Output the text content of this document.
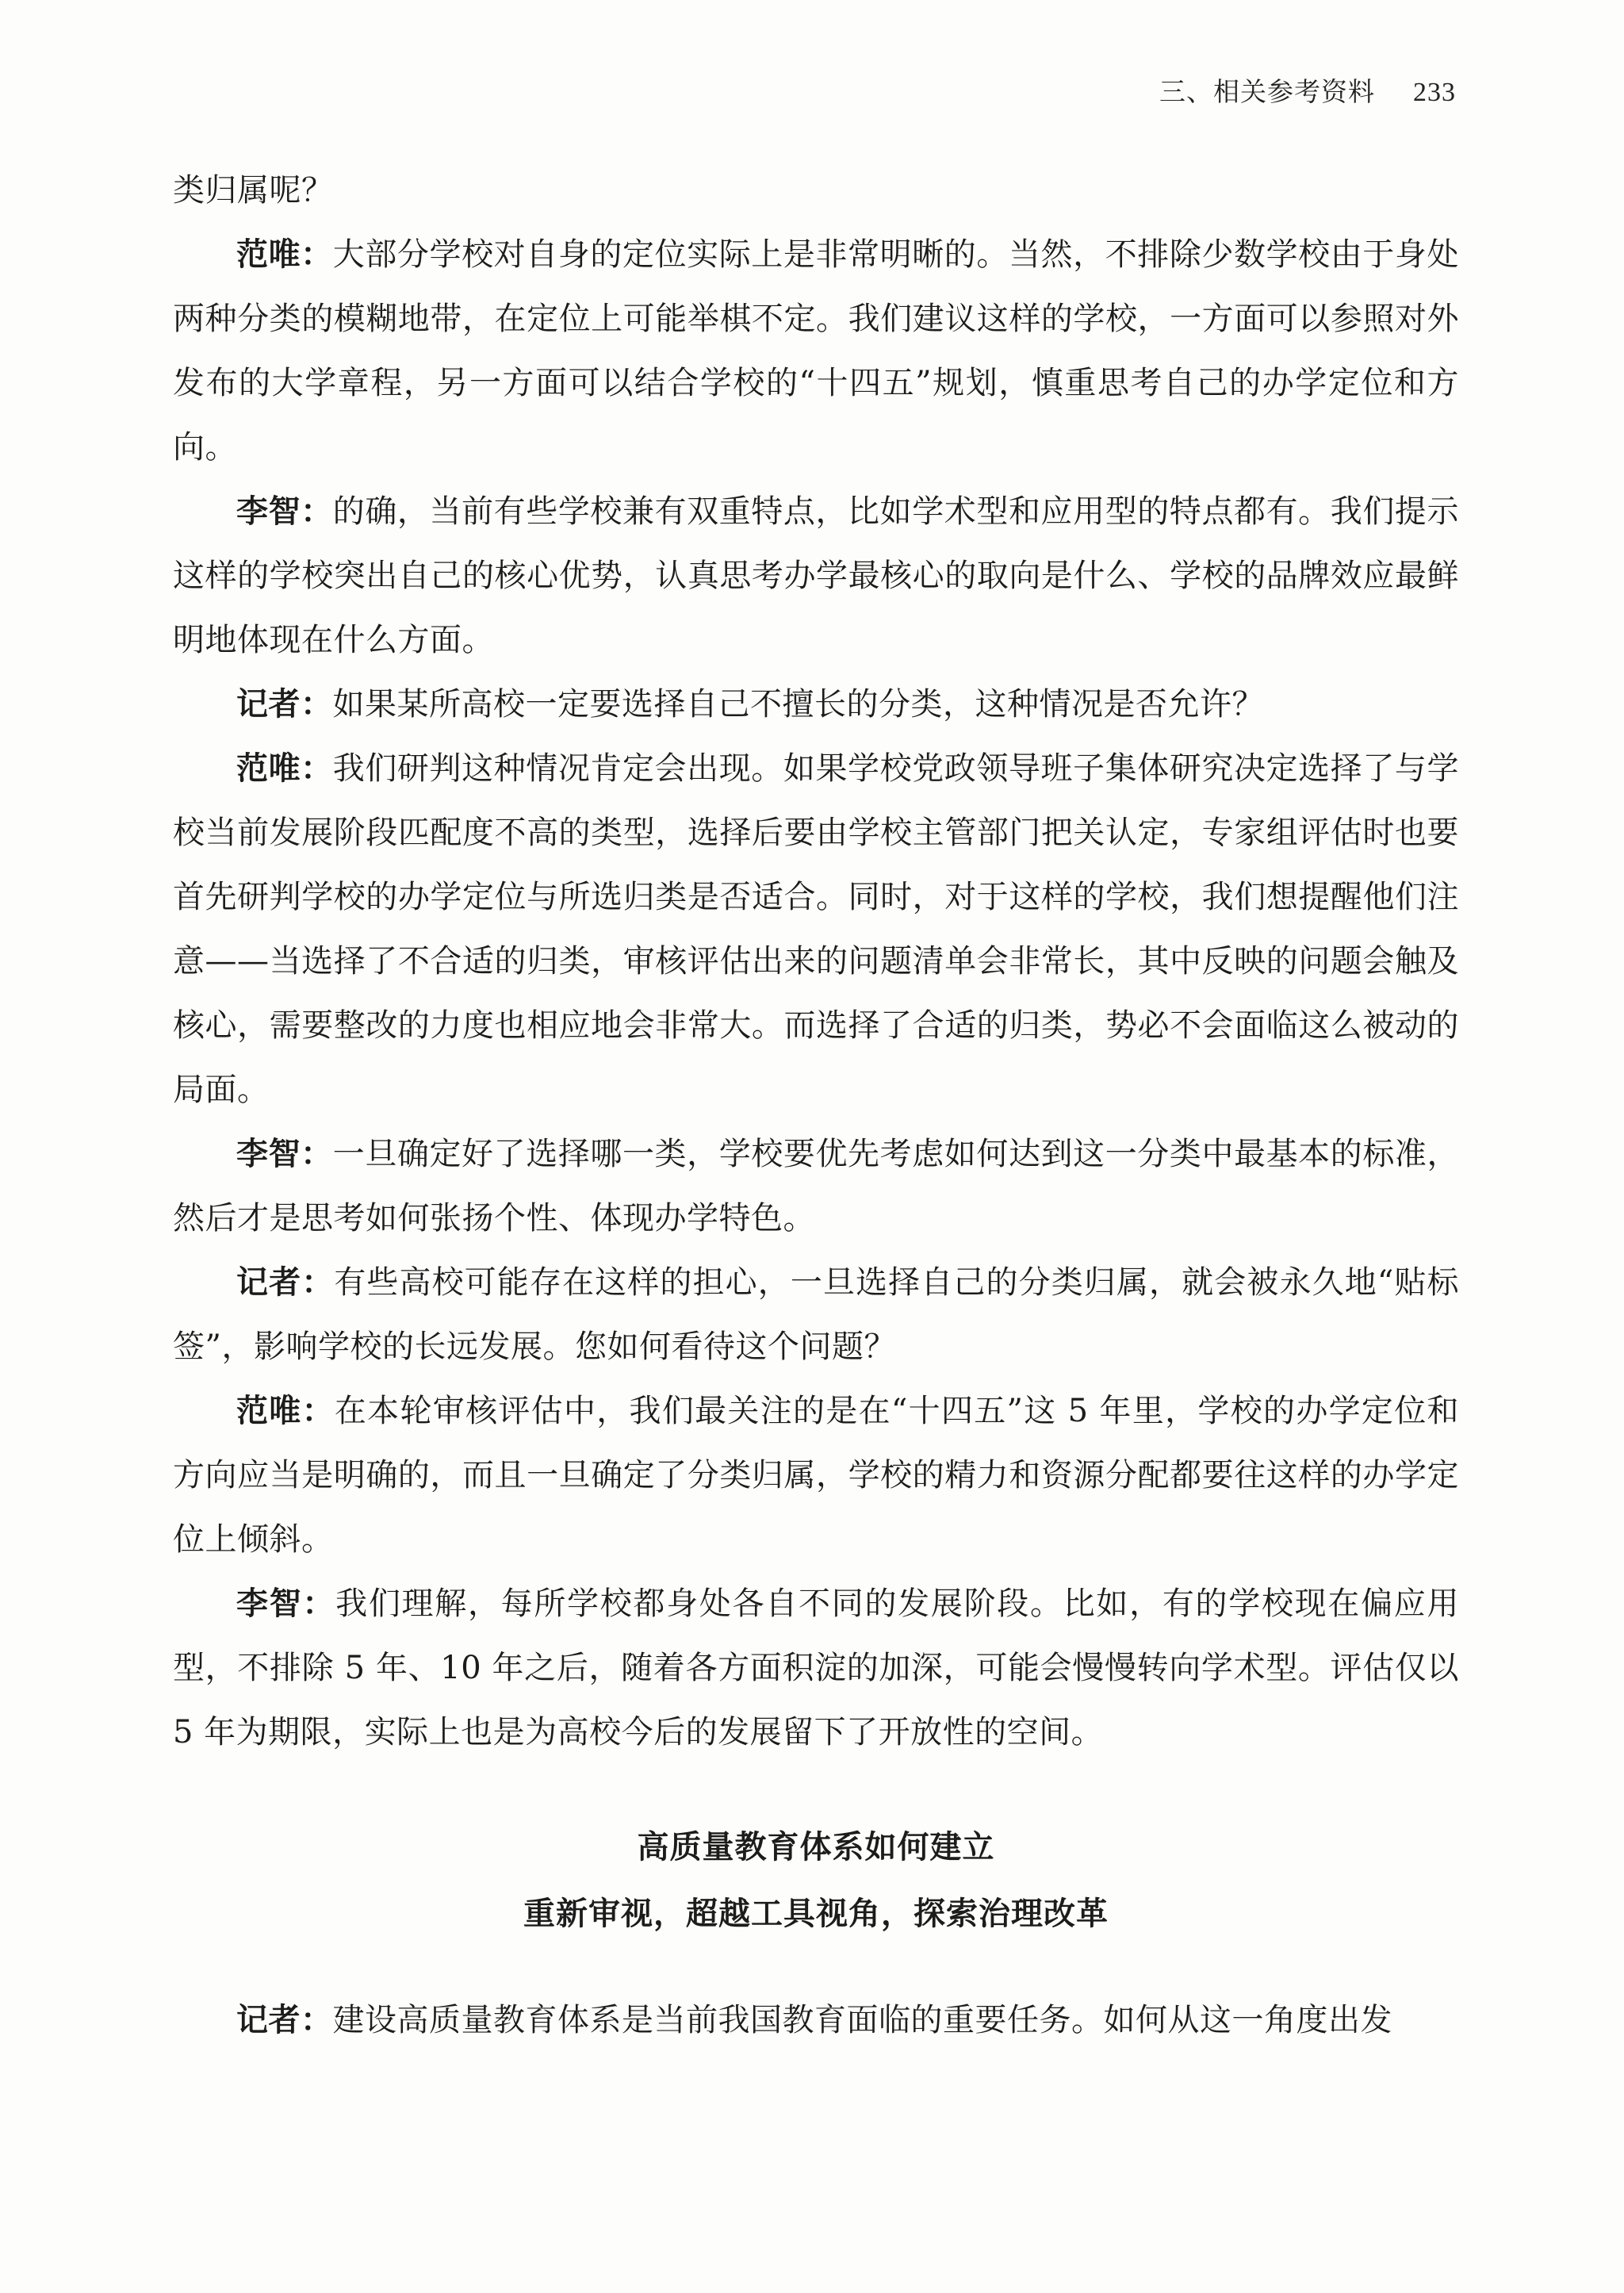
三、相关参考资料 233

类归属呢？

范唯：大部分学校对自身的定位实际上是非常明晰的。当然，不排除少数学校由于身处两种分类的模糊地带，在定位上可能举棋不定。我们建议这样的学校，一方面可以参照对外发布的大学章程，另一方面可以结合学校的“十四五”规划，慎重思考自己的办学定位和方向。

李智：的确，当前有些学校兼有双重特点，比如学术型和应用型的特点都有。我们提示这样的学校突出自己的核心优势，认真思考办学最核心的取向是什么、学校的品牌效应最鲜明地体现在什么方面。

记者：如果某所高校一定要选择自己不擅长的分类，这种情况是否允许？

范唯：我们研判这种情况肯定会出现。如果学校党政领导班子集体研究决定选择了与学校当前发展阶段匹配度不高的类型，选择后要由学校主管部门把关认定，专家组评估时也要首先研判学校的办学定位与所选归类是否适合。同时，对于这样的学校，我们想提醒他们注意——当选择了不合适的归类，审核评估出来的问题清单会非常长，其中反映的问题会触及核心，需要整改的力度也相应地会非常大。而选择了合适的归类，势必不会面临这么被动的局面。

李智：一旦确定好了选择哪一类，学校要优先考虑如何达到这一分类中最基本的标准，然后才是思考如何张扬个性、体现办学特色。

记者：有些高校可能存在这样的担心，一旦选择自己的分类归属，就会被永久地“贴标签”，影响学校的长远发展。您如何看待这个问题？

范唯：在本轮审核评估中，我们最关注的是在“十四五”这 5 年里，学校的办学定位和方向应当是明确的，而且一旦确定了分类归属，学校的精力和资源分配都要往这样的办学定位上倾斜。

李智：我们理解，每所学校都身处各自不同的发展阶段。比如，有的学校现在偏应用型，不排除 5 年、10 年之后，随着各方面积淀的加深，可能会慢慢转向学术型。评估仅以 5 年为期限，实际上也是为高校今后的发展留下了开放性的空间。

高质量教育体系如何建立

重新审视，超越工具视角，探索治理改革

记者：建设高质量教育体系是当前我国教育面临的重要任务。如何从这一角度出发
